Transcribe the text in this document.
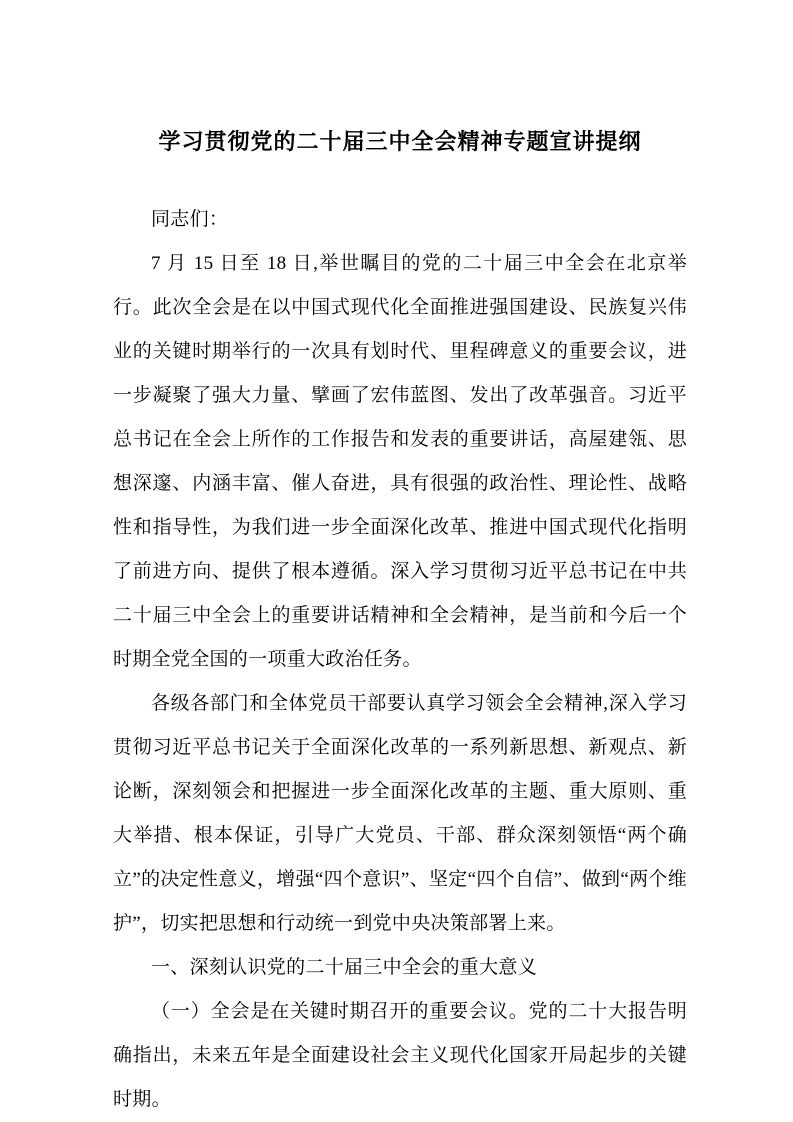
学习贯彻党的二十届三中全会精神专题宣讲提纲

同志们：

7 月 15 日至 18 日,举世瞩目的党的二十届三中全会在北京举行。此次全会是在以中国式现代化全面推进强国建设、民族复兴伟业的关键时期举行的一次具有划时代、里程碑意义的重要会议，进一步凝聚了强大力量、擘画了宏伟蓝图、发出了改革强音。习近平总书记在全会上所作的工作报告和发表的重要讲话，高屋建瓴、思想深邃、内涵丰富、催人奋进，具有很强的政治性、理论性、战略性和指导性，为我们进一步全面深化改革、推进中国式现代化指明了前进方向、提供了根本遵循。深入学习贯彻习近平总书记在中共二十届三中全会上的重要讲话精神和全会精神，是当前和今后一个时期全党全国的一项重大政治任务。

各级各部门和全体党员干部要认真学习领会全会精神,深入学习贯彻习近平总书记关于全面深化改革的一系列新思想、新观点、新论断，深刻领会和把握进一步全面深化改革的主题、重大原则、重大举措、根本保证，引导广大党员、干部、群众深刻领悟“两个确立”的决定性意义，增强“四个意识”、坚定“四个自信”、做到“两个维护”，切实把思想和行动统一到党中央决策部署上来。

一、深刻认识党的二十届三中全会的重大意义

（一）全会是在关键时期召开的重要会议。党的二十大报告明确指出，未来五年是全面建设社会主义现代化国家开局起步的关键时期。
